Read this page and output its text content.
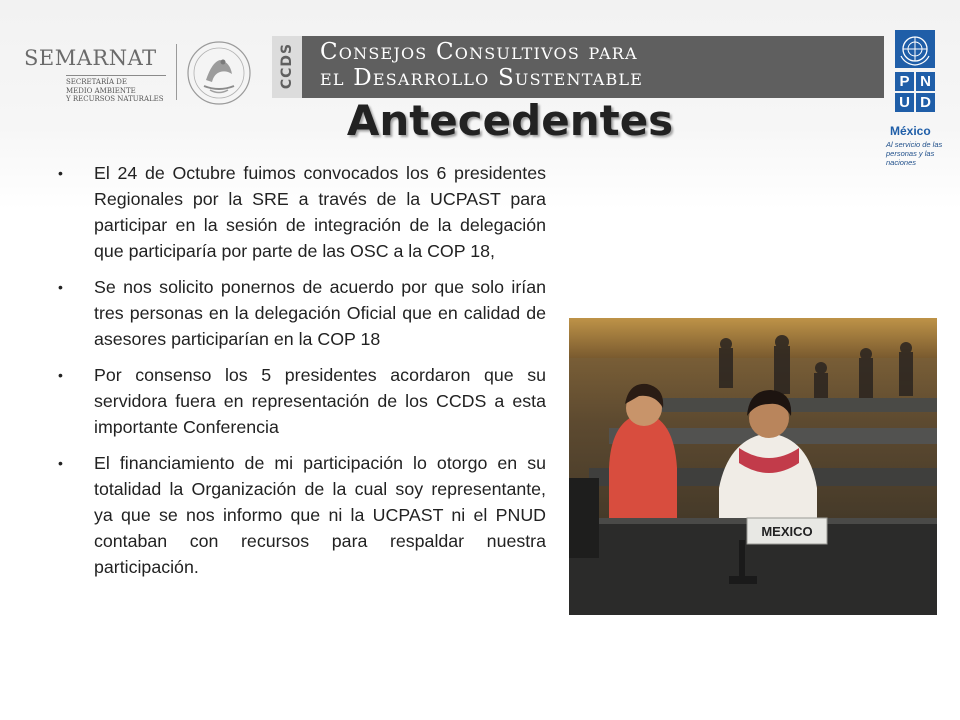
SEMARNAT
SECRETARÍA DE
MEDIO AMBIENTE
Y RECURSOS NATURALES
CCDS Consejos Consultivos para
el Desarrollo Sustentable	P N
U D
México
Al servicio de las personas y las naciones
Antecedentes
• El 24 de Octubre fuimos convocados los 6 presidentes Regionales por la SRE a través de la UCPAST para participar en la sesión de integración de la delegación que participaría por parte de las OSC a la COP 18,
• Se nos solicito ponernos de acuerdo por que solo irían tres personas en la delegación Oficial que en calidad de asesores participarían en la COP 18
• Por consenso los 5 presidentes acordaron que su servidora fuera en representación de los CCDS a esta importante Conferencia
• El financiamiento de mi participación lo otorgo en su totalidad la Organización de la cual soy representante, ya que se nos informo que ni la UCPAST ni el PNUD contaban con recursos para respaldar nuestra participación.
MEXICO
